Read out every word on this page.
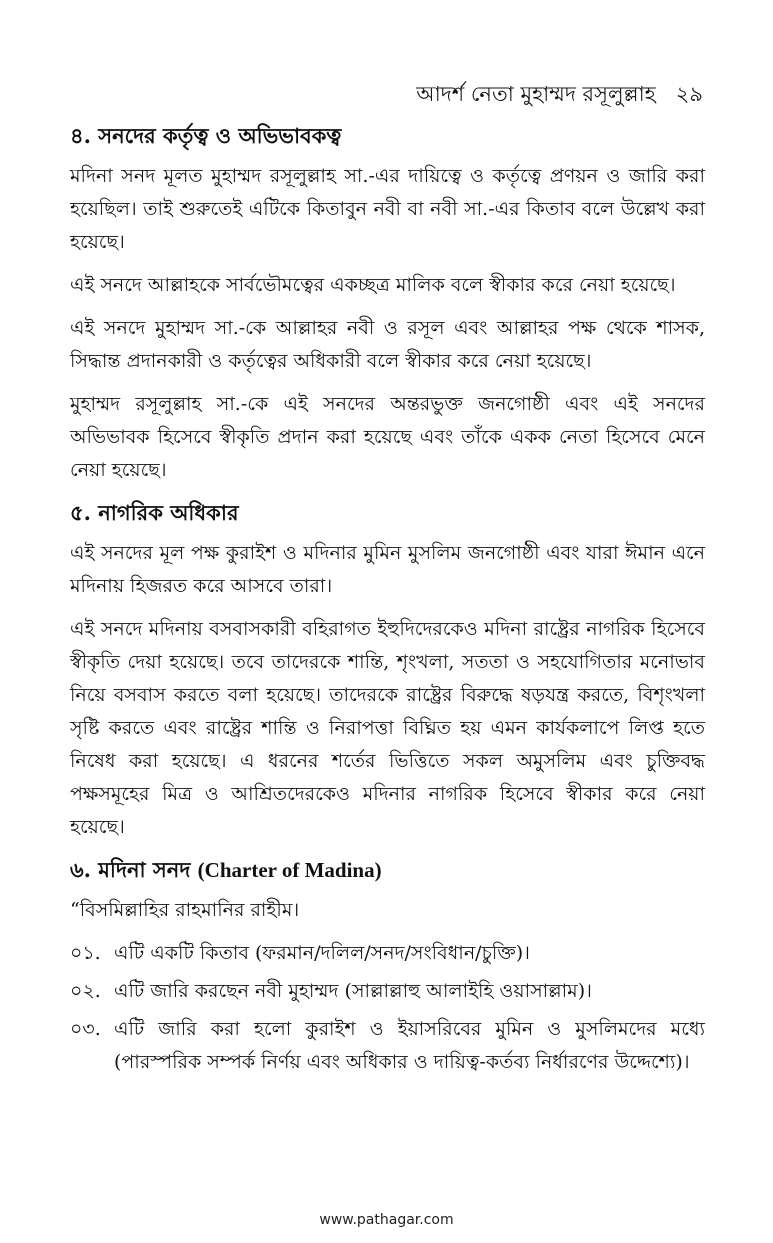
আদর্শ নেতা মুহাম্মদ রসূলুল্লাহ ২৯
৪. সনদের কর্তৃত্ব ও অভিভাবকত্ব

মদিনা সনদ মূলত মুহাম্মদ রসূলুল্লাহ সা.-এর দায়িত্বে ও কর্তৃত্বে প্রণয়ন ও জারি করা হয়েছিল। তাই শুরুতেই এটিকে কিতাবুন নবী বা নবী সা.-এর কিতাব বলে উল্লেখ করা হয়েছে।

এই সনদে আল্লাহকে সার্বভৌমত্বের একচ্ছত্র মালিক বলে স্বীকার করে নেয়া হয়েছে।

এই সনদে মুহাম্মদ সা.-কে আল্লাহর নবী ও রসূল এবং আল্লাহর পক্ষ থেকে শাসক, সিদ্ধান্ত প্রদানকারী ও কর্তৃত্বের অধিকারী বলে স্বীকার করে নেয়া হয়েছে।

মুহাম্মদ রসূলুল্লাহ সা.-কে এই সনদের অন্তরভুক্ত জনগোষ্ঠী এবং এই সনদের অভিভাবক হিসেবে স্বীকৃতি প্রদান করা হয়েছে এবং তাঁকে একক নেতা হিসেবে মেনে নেয়া হয়েছে।

৫. নাগরিক অধিকার

এই সনদের মূল পক্ষ কুরাইশ ও মদিনার মুমিন মুসলিম জনগোষ্ঠী এবং যারা ঈমান এনে মদিনায় হিজরত করে আসবে তারা।

এই সনদে মদিনায় বসবাসকারী বহিরাগত ইহুদিদেরকেও মদিনা রাষ্ট্রের নাগরিক হিসেবে স্বীকৃতি দেয়া হয়েছে। তবে তাদেরকে শান্তি, শৃংখলা, সততা ও সহযোগিতার মনোভাব নিয়ে বসবাস করতে বলা হয়েছে। তাদেরকে রাষ্ট্রের বিরুদ্ধে ষড়যন্ত্র করতে, বিশৃংখলা সৃষ্টি করতে এবং রাষ্ট্রের শান্তি ও নিরাপত্তা বিঘ্নিত হয় এমন কার্যকলাপে লিপ্ত হতে নিষেধ করা হয়েছে। এ ধরনের শর্তের ভিত্তিতে সকল অমুসলিম এবং চুক্তিবদ্ধ পক্ষসমূহের মিত্র ও আশ্রিতদেরকেও মদিনার নাগরিক হিসেবে স্বীকার করে নেয়া হয়েছে।

৬. মদিনা সনদ (Charter of Madina)

“বিসমিল্লাহির রাহমানির রাহীম।

০১. এটি একটি কিতাব (ফরমান/দলিল/সনদ/সংবিধান/চুক্তি)।
০২. এটি জারি করছেন নবী মুহাম্মদ (সাল্লাল্লাহু আলাইহি ওয়াসাল্লাম)।
০৩. এটি জারি করা হলো কুরাইশ ও ইয়াসরিবের মুমিন ও মুসলিমদের মধ্যে (পারস্পরিক সম্পর্ক নির্ণয় এবং অধিকার ও দায়িত্ব-কর্তব্য নির্ধারণের উদ্দেশ্যে)।
www.pathagar.com
